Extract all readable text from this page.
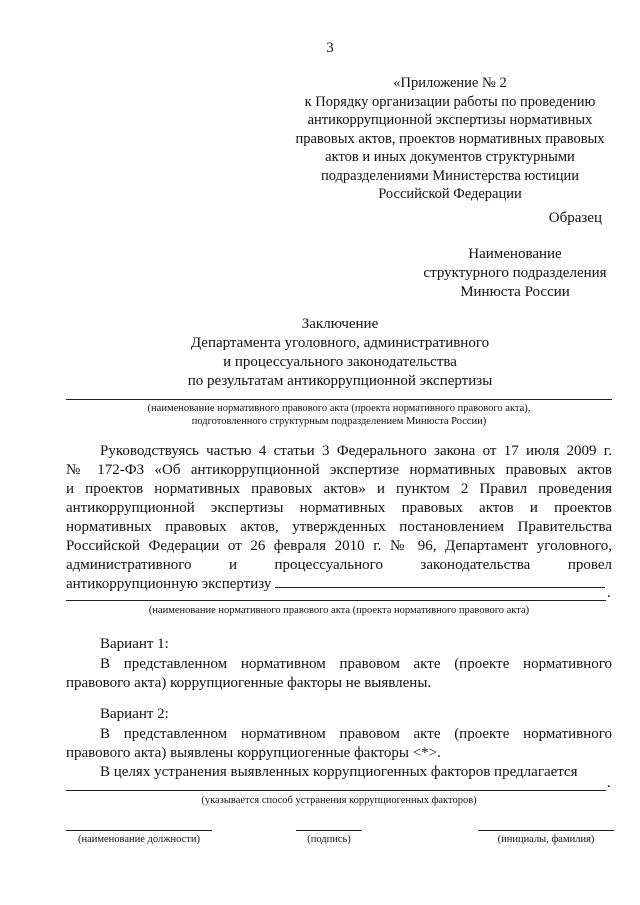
3
«Приложение № 2
к Порядку организации работы по проведению
антикоррупционной экспертизы нормативных
правовых актов, проектов нормативных правовых
актов и иных документов структурными
подразделениями Министерства юстиции
Российской Федерации
Образец
Наименование
структурного подразделения
Минюста России
Заключение
Департамента уголовного, административного
и процессуального законодательства
по результатам антикоррупционной экспертизы
(наименование нормативного правового акта (проекта нормативного правового акта),
подготовленного структурным подразделением Минюста России)
Руководствуясь частью 4 статьи 3 Федерального закона от 17 июля 2009 г.
№ 172-ФЗ «Об антикоррупционной экспертизе нормативных правовых актов
и проектов нормативных правовых актов» и пунктом 2 Правил проведения
антикоррупционной экспертизы нормативных правовых актов и проектов
нормативных правовых актов, утвержденных постановлением Правительства
Российской Федерации от 26 февраля 2010 г. № 96, Департамент уголовного,
административного и процессуального законодательства провел
антикоррупционную экспертизу
.
(наименование нормативного правового акта (проекта нормативного правового акта)
Вариант 1:
В представленном нормативном правовом акте (проекте нормативного
правового акта) коррупциогенные факторы не выявлены.
Вариант 2:
В представленном нормативном правовом акте (проекте нормативного
правового акта) выявлены коррупциогенные факторы <*>.
В целях устранения выявленных коррупциогенных факторов предлагается
.
(указывается способ устранения коррупциогенных факторов)
(наименование должности)	(подпись)	(инициалы, фамилия)
